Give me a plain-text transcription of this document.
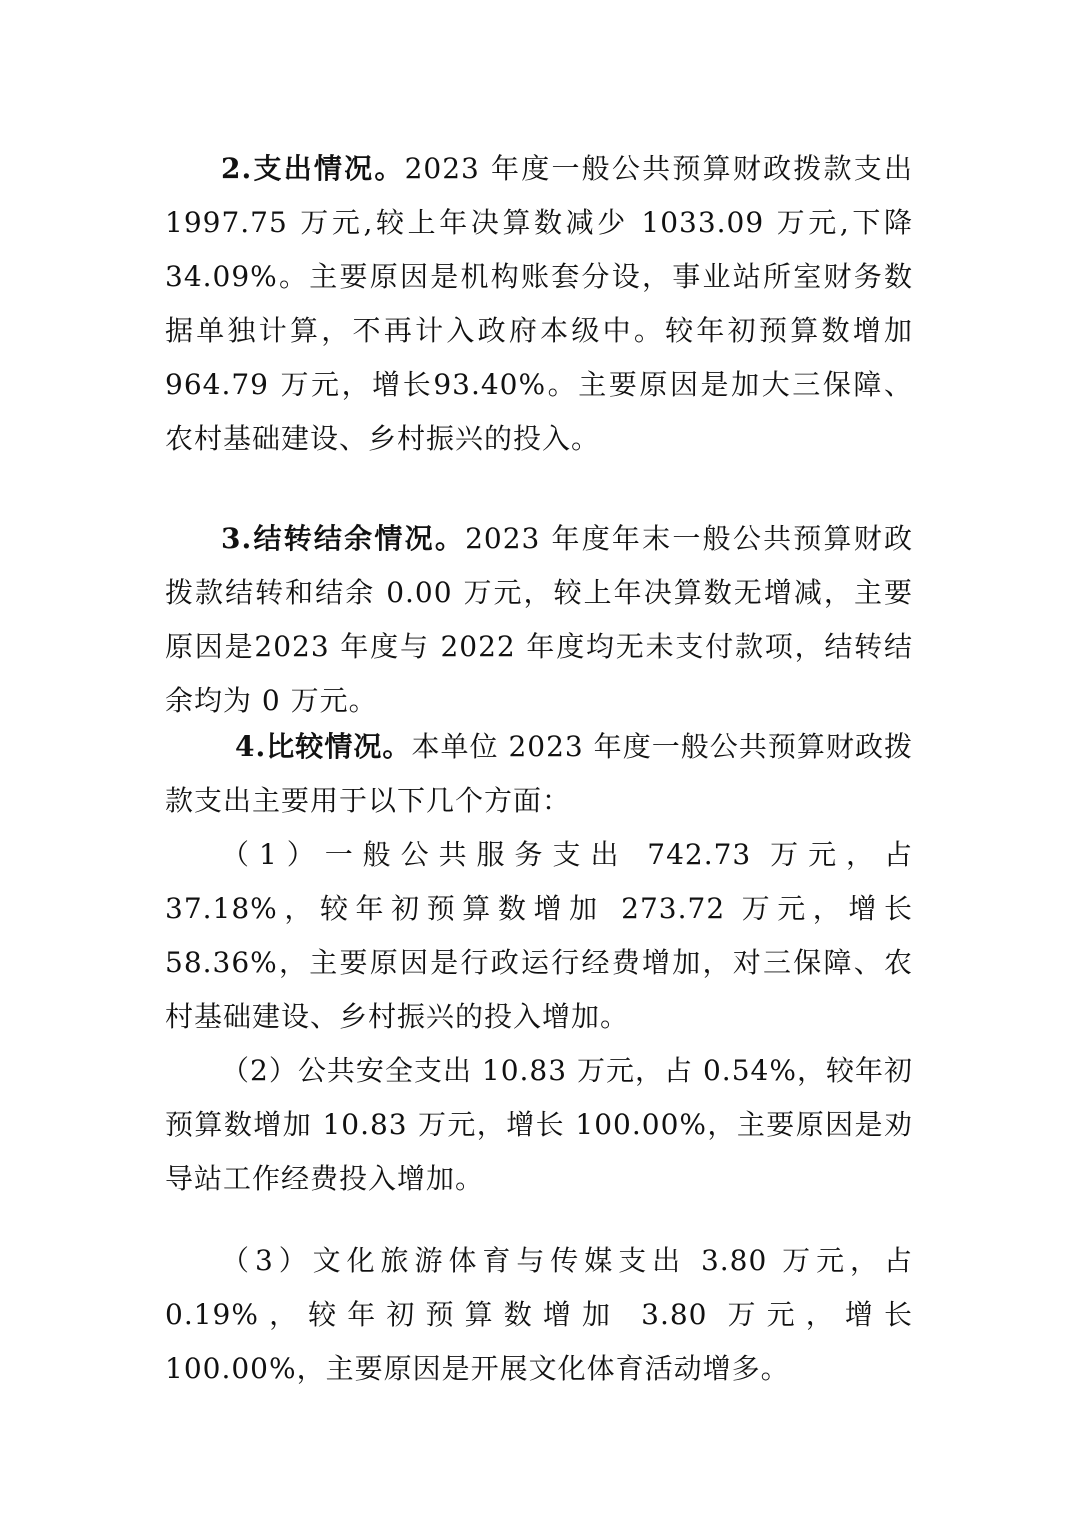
2.支出情况。2023 年度一般公共预算财政拨款支出1997.75 万元,较上年决算数减少 1033.09 万元,下降 34.09%。主要原因是机构账套分设，事业站所室财务数据单独计算，不再计入政府本级中。较年初预算数增加 964.79 万元，增长93.40%。主要原因是加大三保障、农村基础建设、乡村振兴的投入。

3.结转结余情况。2023 年度年末一般公共预算财政拨款结转和结余 0.00 万元，较上年决算数无增减，主要原因是2023 年度与 2022 年度均无未支付款项，结转结余均为 0 万元。

4.比较情况。本单位 2023 年度一般公共预算财政拨款支出主要用于以下几个方面：

（1）一般公共服务支出 742.73 万元，占 37.18%，较年初预算数增加 273.72 万元，增长 58.36%，主要原因是行政运行经费增加，对三保障、农村基础建设、乡村振兴的投入增加。

（2）公共安全支出 10.83 万元，占 0.54%，较年初预算数增加 10.83 万元，增长 100.00%，主要原因是劝导站工作经费投入增加。

（3）文化旅游体育与传媒支出 3.80 万元，占 0.19%，较年初预算数增加 3.80 万元，增长 100.00%，主要原因是开展文化体育活动增多。
